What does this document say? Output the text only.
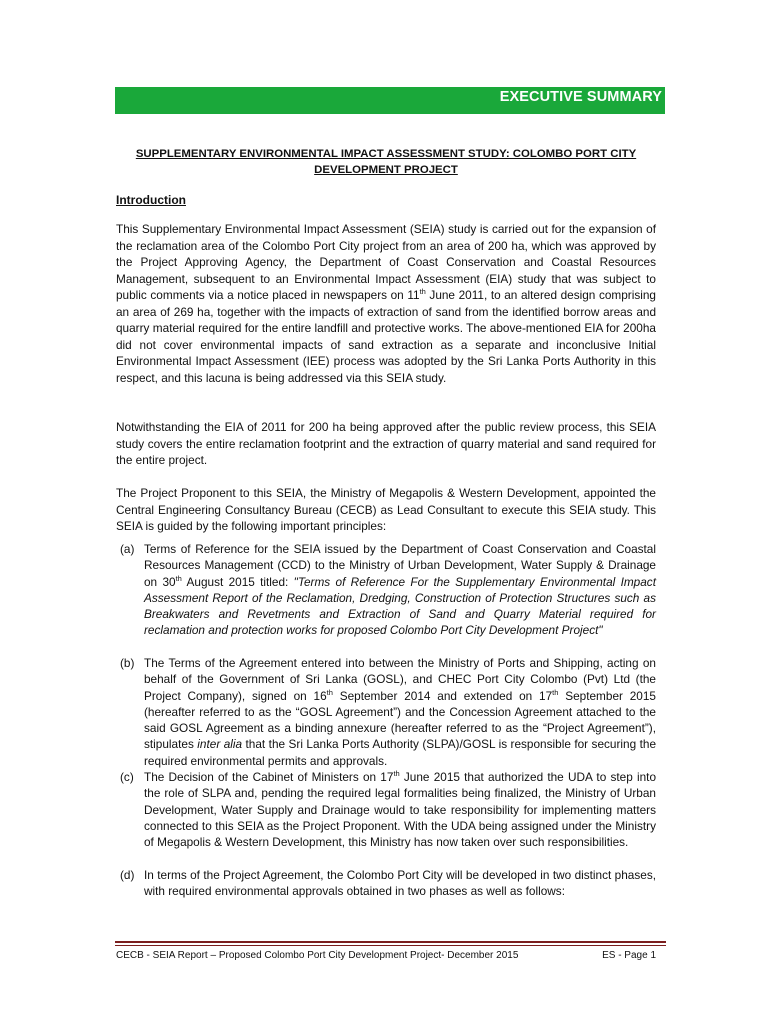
EXECUTIVE SUMMARY
SUPPLEMENTARY ENVIRONMENTAL IMPACT ASSESSMENT STUDY: COLOMBO PORT CITY
DEVELOPMENT PROJECT
Introduction
This Supplementary Environmental Impact Assessment (SEIA) study is carried out for the expansion of the reclamation area of the Colombo Port City project from an area of 200 ha, which was approved by the Project Approving Agency, the Department of Coast Conservation and Coastal Resources Management, subsequent to an Environmental Impact Assessment (EIA) study that was subject to public comments via a notice placed in newspapers on 11th June 2011, to an altered design comprising an area of 269 ha, together with the impacts of extraction of sand from the identified borrow areas and quarry material required for the entire landfill and protective works. The above-mentioned EIA for 200ha did not cover environmental impacts of sand extraction as a separate and inconclusive Initial Environmental Impact Assessment (IEE) process was adopted by the Sri Lanka Ports Authority in this respect, and this lacuna is being addressed via this SEIA study.
Notwithstanding the EIA of 2011 for 200 ha being approved after the public review process, this SEIA study covers the entire reclamation footprint and the extraction of quarry material and sand required for the entire project.
The Project Proponent to this SEIA, the Ministry of Megapolis & Western Development, appointed the Central Engineering Consultancy Bureau (CECB) as Lead Consultant to execute this SEIA study. This SEIA is guided by the following important principles:
(a) Terms of Reference for the SEIA issued by the Department of Coast Conservation and Coastal Resources Management (CCD) to the Ministry of Urban Development, Water Supply & Drainage on 30th August 2015 titled: "Terms of Reference For the Supplementary Environmental Impact Assessment Report of the Reclamation, Dredging, Construction of Protection Structures such as Breakwaters and Revetments and Extraction of Sand and Quarry Material required for reclamation and protection works for proposed Colombo Port City Development Project"
(b) The Terms of the Agreement entered into between the Ministry of Ports and Shipping, acting on behalf of the Government of Sri Lanka (GOSL), and CHEC Port City Colombo (Pvt) Ltd (the Project Company), signed on 16th September 2014 and extended on 17th September 2015 (hereafter referred to as the “GOSL Agreement”) and the Concession Agreement attached to the said GOSL Agreement as a binding annexure (hereafter referred to as the “Project Agreement”), stipulates inter alia that the Sri Lanka Ports Authority (SLPA)/GOSL is responsible for securing the required environmental permits and approvals.
(c) The Decision of the Cabinet of Ministers on 17th June 2015 that authorized the UDA to step into the role of SLPA and, pending the required legal formalities being finalized, the Ministry of Urban Development, Water Supply and Drainage would to take responsibility for implementing matters connected to this SEIA as the Project Proponent. With the UDA being assigned under the Ministry of Megapolis & Western Development, this Ministry has now taken over such responsibilities.
(d) In terms of the Project Agreement, the Colombo Port City will be developed in two distinct phases, with required environmental approvals obtained in two phases as well as follows:
CECB - SEIA Report – Proposed Colombo Port City Development Project- December 2015	ES - Page 1
